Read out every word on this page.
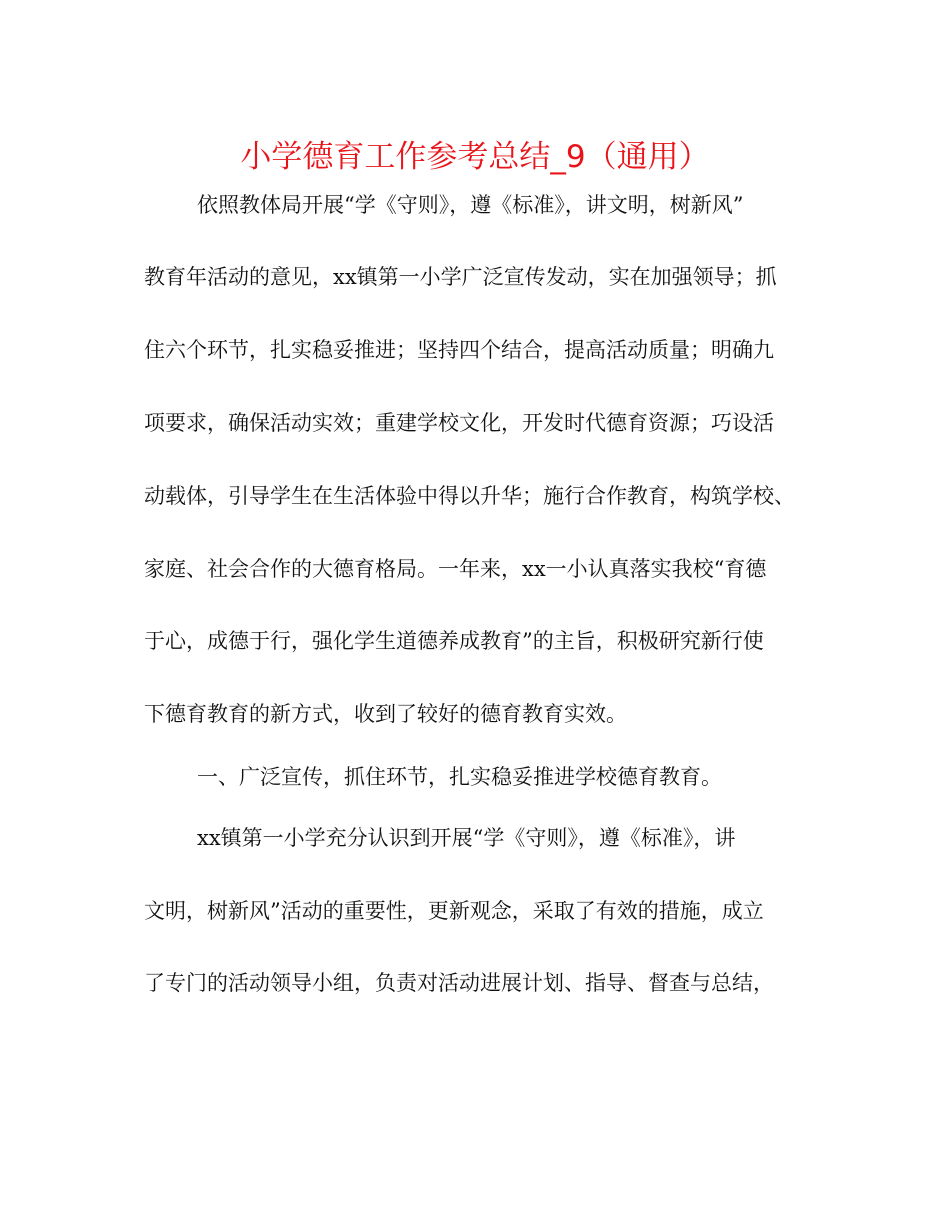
小学德育工作参考总结_9（通用）
依照教体局开展“学《守则》，遵《标准》，讲文明，树新风”
教育年活动的意见，xx镇第一小学广泛宣传发动，实在加强领导；抓
住六个环节，扎实稳妥推进；坚持四个结合，提高活动质量；明确九
项要求，确保活动实效；重建学校文化，开发时代德育资源；巧设活
动载体，引导学生在生活体验中得以升华；施行合作教育，构筑学校、
家庭、社会合作的大德育格局。一年来，xx一小认真落实我校“育德
于心，成德于行，强化学生道德养成教育”的主旨，积极研究新行使
下德育教育的新方式，收到了较好的德育教育实效。
一、广泛宣传，抓住环节，扎实稳妥推进学校德育教育。
xx镇第一小学充分认识到开展“学《守则》，遵《标准》，讲
文明，树新风”活动的重要性，更新观念，采取了有效的措施，成立
了专门的活动领导小组，负责对活动进展计划、指导、督查与总结，
